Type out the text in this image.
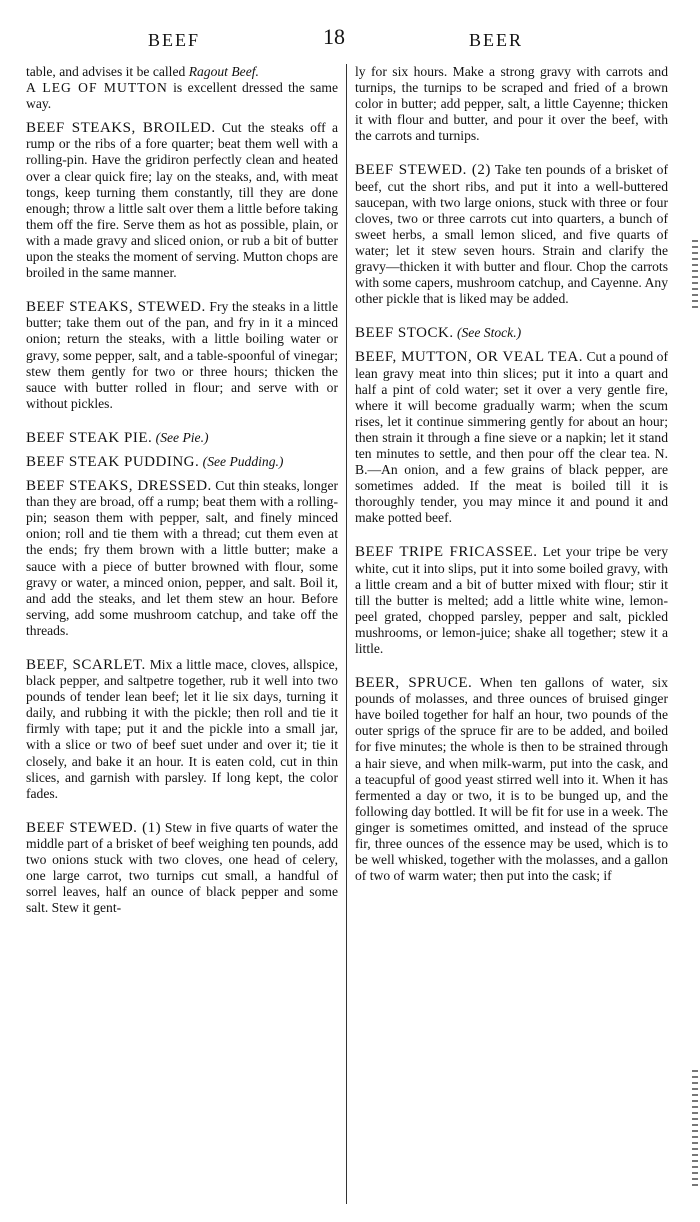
BEEF	18	BEER

table, and advises it be called Ragout Beef.

A LEG OF MUTTON is excellent dressed the same way.

BEEF STEAKS, BROILED. Cut the steaks off a rump or the ribs of a fore quarter; beat them well with a rolling-pin. Have the gridiron perfectly clean and heated over a clear quick fire; lay on the steaks, and, with meat tongs, keep turning them constantly, till they are done enough; throw a little salt over them a little before taking them off the fire. Serve them as hot as possible, plain, or with a made gravy and sliced onion, or rub a bit of butter upon the steaks the moment of serving. Mutton chops are broiled in the same manner.

BEEF STEAKS, STEWED. Fry the steaks in a little butter; take them out of the pan, and fry in it a minced onion; return the steaks, with a little boiling water or gravy, some pepper, salt, and a table-spoonful of vinegar; stew them gently for two or three hours; thicken the sauce with butter rolled in flour; and serve with or without pickles.

BEEF STEAK PIE. (See Pie.)

BEEF STEAK PUDDING. (See Pudding.)

BEEF STEAKS, DRESSED. Cut thin steaks, longer than they are broad, off a rump; beat them with a rolling-pin; season them with pepper, salt, and finely minced onion; roll and tie them with a thread; cut them even at the ends; fry them brown with a little butter; make a sauce with a piece of butter browned with flour, some gravy or water, a minced onion, pepper, and salt. Boil it, and add the steaks, and let them stew an hour. Before serving, add some mushroom catchup, and take off the threads.

BEEF, SCARLET. Mix a little mace, cloves, allspice, black pepper, and saltpetre together, rub it well into two pounds of tender lean beef; let it lie six days, turning it daily, and rubbing it with the pickle; then roll and tie it firmly with tape; put it and the pickle into a small jar, with a slice or two of beef suet under and over it; tie it closely, and bake it an hour. It is eaten cold, cut in thin slices, and garnish with parsley. If long kept, the color fades.

BEEF STEWED. (1) Stew in five quarts of water the middle part of a brisket of beef weighing ten pounds, add two onions stuck with two cloves, one head of celery, one large carrot, two turnips cut small, a handful of sorrel leaves, half an ounce of black pepper and some salt. Stew it gent-

ly for six hours. Make a strong gravy with carrots and turnips, the turnips to be scraped and fried of a brown color in butter; add pepper, salt, a little Cayenne; thicken it with flour and butter, and pour it over the beef, with the carrots and turnips.

BEEF STEWED. (2) Take ten pounds of a brisket of beef, cut the short ribs, and put it into a well-buttered saucepan, with two large onions, stuck with three or four cloves, two or three carrots cut into quarters, a bunch of sweet herbs, a small lemon sliced, and five quarts of water; let it stew seven hours. Strain and clarify the gravy—thicken it with butter and flour. Chop the carrots with some capers, mushroom catchup, and Cayenne. Any other pickle that is liked may be added.

BEEF STOCK. (See Stock.)

BEEF, MUTTON, OR VEAL TEA. Cut a pound of lean gravy meat into thin slices; put it into a quart and half a pint of cold water; set it over a very gentle fire, where it will become gradually warm; when the scum rises, let it continue simmering gently for about an hour; then strain it through a fine sieve or a napkin; let it stand ten minutes to settle, and then pour off the clear tea. N. B.—An onion, and a few grains of black pepper, are sometimes added. If the meat is boiled till it is thoroughly tender, you may mince it and pound it and make potted beef.

BEEF TRIPE FRICASSEE. Let your tripe be very white, cut it into slips, put it into some boiled gravy, with a little cream and a bit of butter mixed with flour; stir it till the butter is melted; add a little white wine, lemon-peel grated, chopped parsley, pepper and salt, pickled mushrooms, or lemon-juice; shake all together; stew it a little.

BEER, SPRUCE. When ten gallons of water, six pounds of molasses, and three ounces of bruised ginger have boiled together for half an hour, two pounds of the outer sprigs of the spruce fir are to be added, and boiled for five minutes; the whole is then to be strained through a hair sieve, and when milk-warm, put into the cask, and a teacupful of good yeast stirred well into it. When it has fermented a day or two, it is to be bunged up, and the following day bottled. It will be fit for use in a week. The ginger is sometimes omitted, and instead of the spruce fir, three ounces of the essence may be used, which is to be well whisked, together with the molasses, and a gallon of two of warm water; then put into the cask; if
